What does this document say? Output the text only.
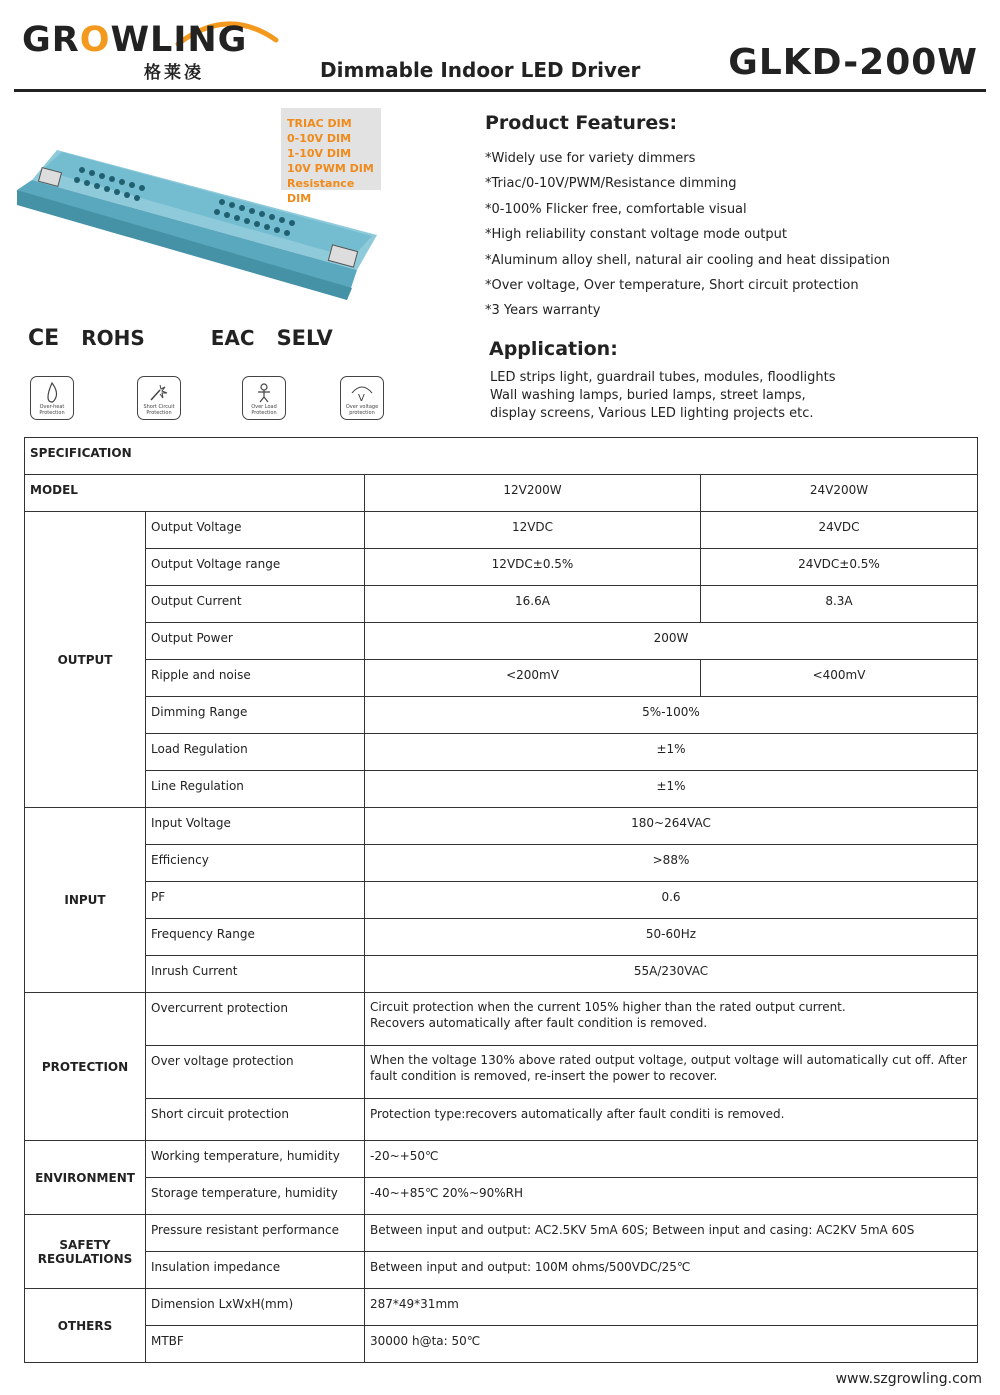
GROWLING
格莱凌	Dimmable Indoor LED Driver GLKD-200W
TRIAC DIM
0-10V DIM
1-10V DIM
10V PWM DIM
Resistance DIM
CE ROHS	EAC SELV
Over-heat Protection
Short Circuit Protection
Over Load Protection
V
Over voltage protection
Product Features:
*Widely use for variety dimmers
*Triac/0-10V/PWM/Resistance dimming
*0-100% Flicker free, comfortable visual
*High reliability constant voltage mode output
*Aluminum alloy shell, natural air cooling and heat dissipation
*Over voltage, Over temperature, Short circuit protection
*3 Years warranty
Application:
LED strips light, guardrail tubes, modules, floodlights
Wall washing lamps, buried lamps, street lamps,
display screens, Various LED lighting projects etc.
SPECIFICATION			
MODEL		12V200W	24V200W
OUTPUT	Output Voltage	12VDC	24VDC
	Output Voltage range	12VDC±0.5%	24VDC±0.5%
	Output Current	16.6A	8.3A
	Output Power	200W	
	Ripple and noise	<200mV	<400mV
	Dimming Range	5%-100%	
	Load Regulation	±1%	
	Line Regulation	±1%	
INPUT	Input Voltage	180~264VAC	
	Efficiency	>88%	
	PF	0.6	
	Frequency Range	50-60Hz	
	Inrush Current	55A/230VAC	
PROTECTION	Overcurrent protection	Circuit protection when the current 105% higher than the rated output current.
Recovers automatically after fault condition is removed.	

	Over voltage protection	When the voltage 130% above rated output voltage, output voltage will automatically cut off. After
fault condition is removed, re-insert the power to recover.	

	Short circuit protection	Protection type:recovers automatically after fault conditi is removed.	
ENVIRONMENT	Working temperature, humidity	-20~+50℃	
	Storage temperature, humidity	-40~+85℃ 20%~90%RH	
SAFETY REGULATIONS	Pressure resistant performance	Between input and output: AC2.5KV 5mA 60S; Between input and casing: AC2KV 5mA 60S	
	Insulation impedance	Between input and output: 100M ohms/500VDC/25℃	
OTHERS	Dimension LxWxH(mm)	287*49*31mm	
	MTBF	30000 h@ta: 50℃	
www.szgrowling.com
